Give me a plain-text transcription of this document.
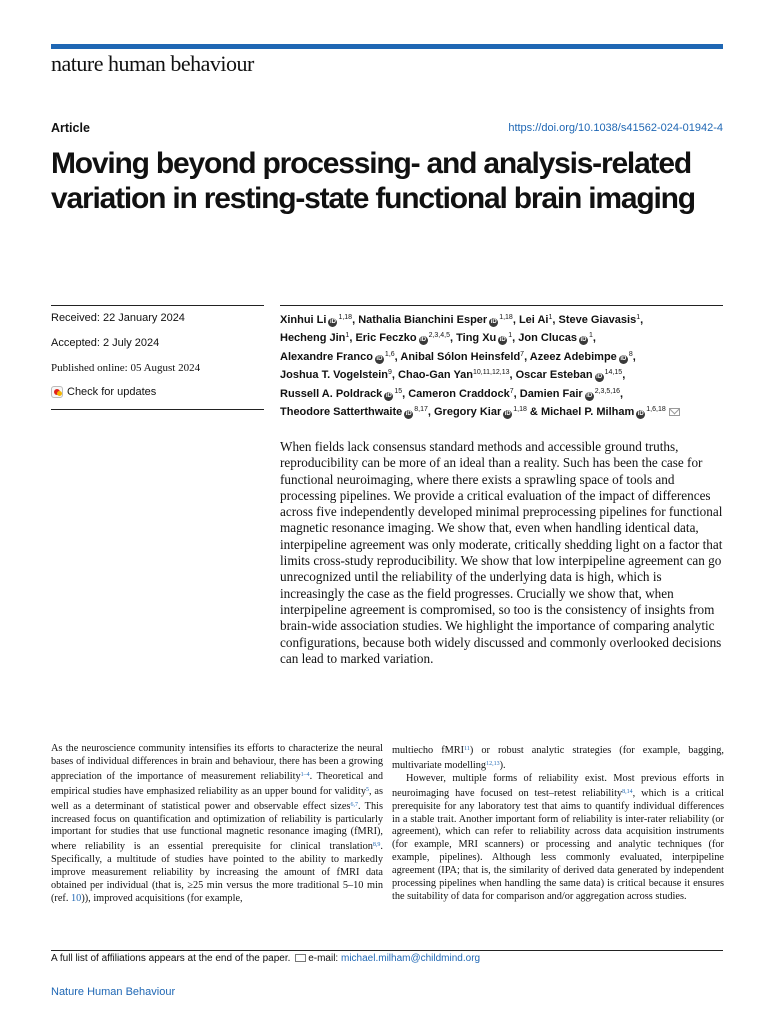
nature human behaviour
Article	https://doi.org/10.1038/s41562-024-01942-4
Moving beyond processing- and analysis-related variation in resting-state functional brain imaging
Received: 22 January 2024
Accepted: 2 July 2024
Published online: 05 August 2024
Check for updates
Xinhui Li iD$^{1,18}$, Nathalia Bianchini Esper iD$^{1,18}$, Lei Ai$^1$, Steve Giavasis$^1$,
Hecheng Jin$^1$, Eric Feczko iD$^{2,3,4,5}$, Ting Xu $iD^1$, Jon Clucas $iD^1$,
Alexandre Franco iD$^{1,6}$, Anibal Sólon Heinsfeld$^7$, Azeez Adebimpe $iD^8$,
Joshua T. Vogelstein$^9$, Chao-Gan Yan$^{10,11,12,13}$, Oscar Esteban iD$^{14,15}$,
Russell A. Poldrack $iD^{15}$, Cameron Craddock$^7$, Damien Fair iD$^{2,3,5,16}$,
Theodore Satterthwaite iD$^{8,17}$, Gregory Kiar iD$^{1,18}$ & Michael P. Milham iD$^{1,6,18}$

When fields lack consensus standard methods and accessible ground truths, reproducibility can be more of an ideal than a reality. Such has been the case for functional neuroimaging, where there exists a sprawling space of tools and processing pipelines. We provide a critical evaluation of the impact of differences across five independently developed minimal preprocessing pipelines for functional magnetic resonance imaging. We show that, even when handling identical data, interpipeline agreement was only moderate, critically shedding light on a factor that limits cross-study reproducibility. We show that low interpipeline agreement can go unrecognized until the reliability of the underlying data is high, which is increasingly the case as the field progresses. Crucially we show that, when interpipeline agreement is compromised, so too is the consistency of insights from brain-wide association studies. We highlight the importance of comparing analytic configurations, because both widely discussed and commonly overlooked decisions can lead to marked variation.

As the neuroscience community intensifies its efforts to characterize the neural bases of individual differences in brain and behaviour, there has been a growing appreciation of the importance of measurement reliability$^{1-4}$. Theoretical and empirical studies have emphasized reliability as an upper bound for validity$^5$, as well as a determinant of statistical power and observable effect sizes$^{6,7}$. This increased focus on quantification and optimization of reliability is particularly important for studies that use functional magnetic resonance imaging (fMRI), where reliability is an essential prerequisite for clinical translation$^{8,9}$. Specifically, a multitude of studies have pointed to the ability to markedly improve measurement reliability by increasing the amount of fMRI data obtained per individual (that is, ≥25 min versus the more traditional 5–10 min (ref. 10)), improved acquisitions (for example,

multiecho fMRI$^{11}$) or robust analytic strategies (for example, bagging, multivariate modelling$^{12,13}$).

However, multiple forms of reliability exist. Most previous efforts in neuroimaging have focused on test–retest reliability$^{8,14}$, which is a critical prerequisite for any laboratory test that aims to quantify individual differences in a stable trait. Another important form of reliability is inter-rater reliability (or agreement), which can refer to reliability across data acquisition instruments (for example, MRI scanners) or processing and analytic techniques (for example, pipelines). Although less commonly evaluated, interpipeline agreement (IPA; that is, the similarity of derived data generated by independent processing pipelines when handling the same data) is critical because it ensures the suitability of data for comparison and/or aggregation across studies.

A full list of affiliations appears at the end of the paper. e-mail: michael.milham@childmind.org
Nature Human Behaviour
